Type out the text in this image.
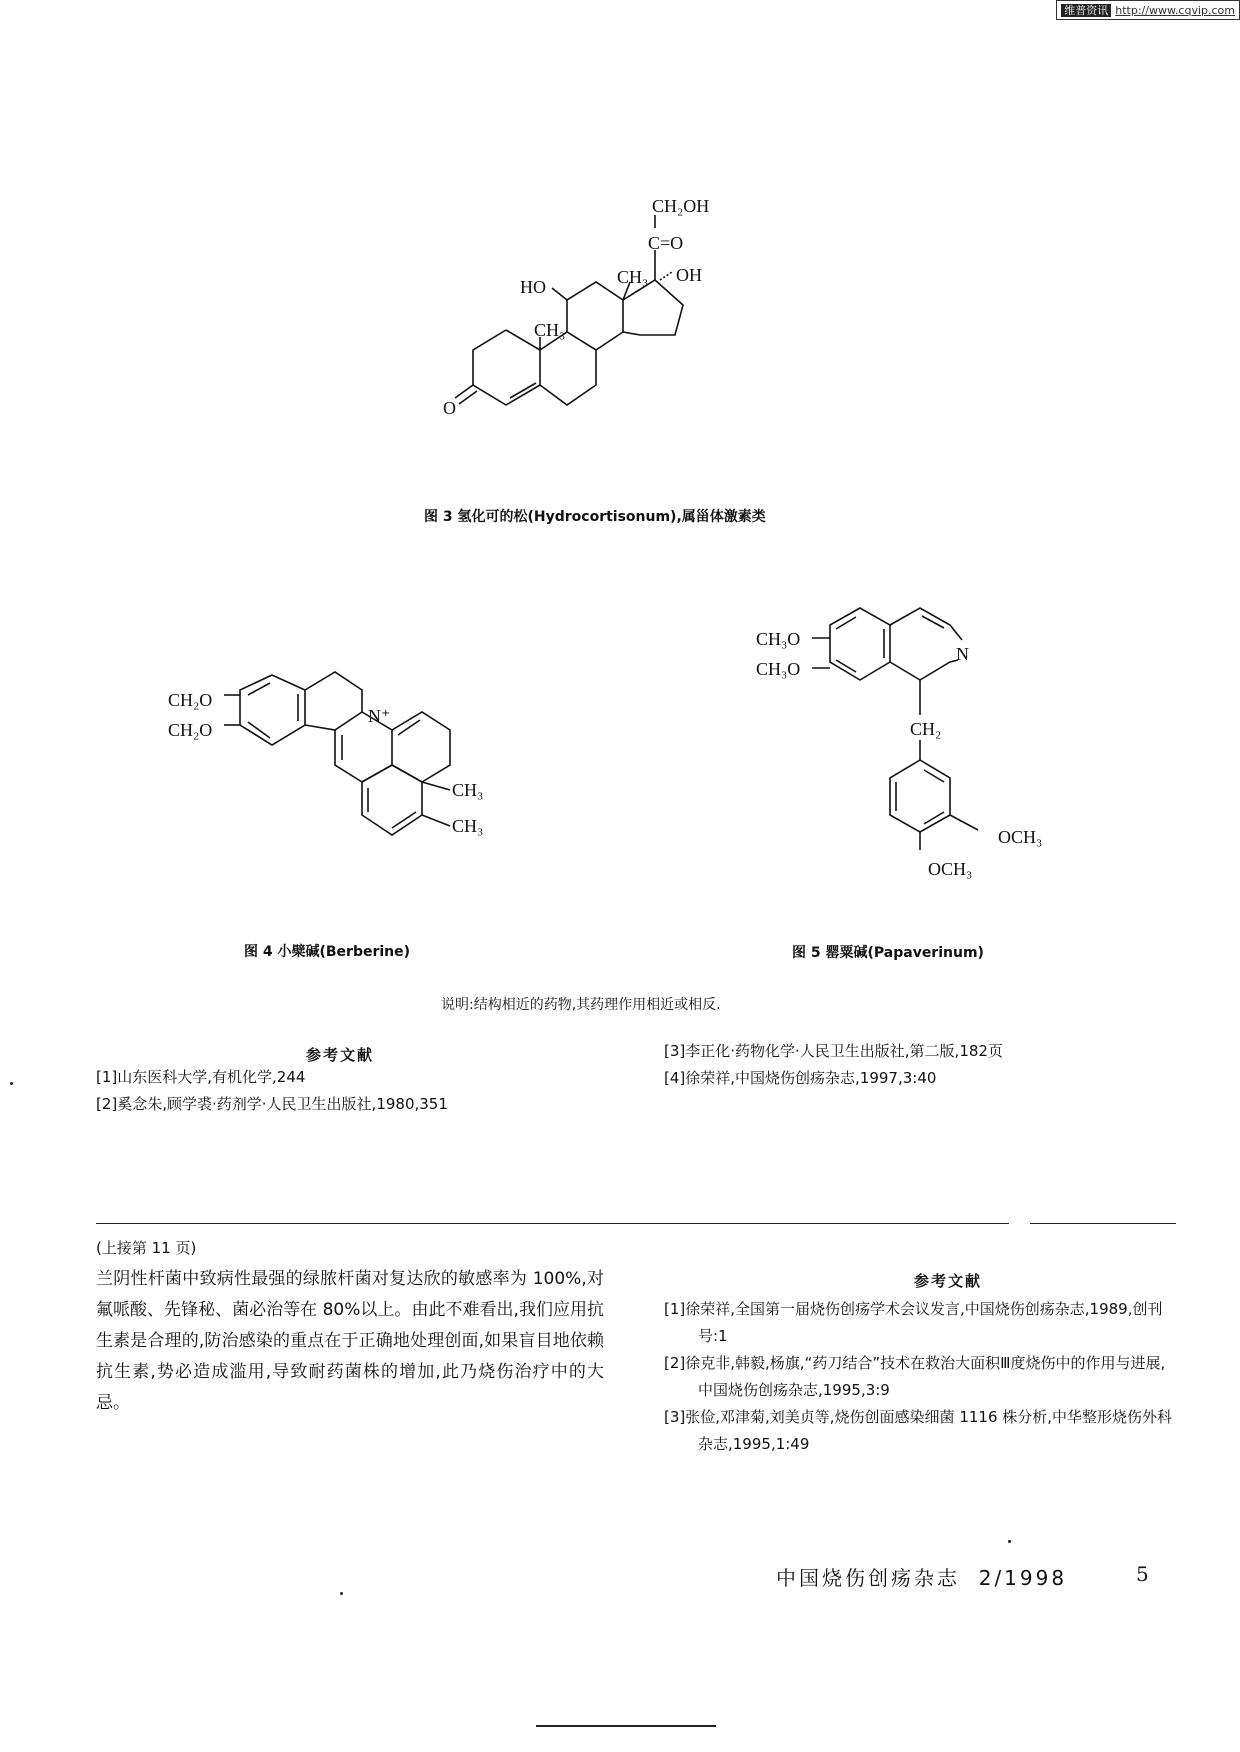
维普资讯 http://www.cqvip.com
CH₂OH
C=O
CH₃ OH
HO
CH₃
O
图 3 氢化可的松(Hydrocortisonum),属甾体激素类
CH₂O
CH₂O
N⁺
CH₃
CH₃
图 4 小檗碱(Berberine)
CH₃O
CH₃O
N
CH₂
OCH₃
OCH₃
图 5 罂粟碱(Papaverinum)
说明:结构相近的药物,其药理作用相近或相反.
参考文献
[1]山东医科大学,有机化学,244
[2]奚念朱,顾学裘·药剂学·人民卫生出版社,1980,351
[3]李正化·药物化学·人民卫生出版社,第二版,182页
[4]徐荣祥,中国烧伤创疡杂志,1997,3:40
(上接第 11 页)
兰阴性杆菌中致病性最强的绿脓杆菌对复达欣的敏感率为 100%,对氟哌酸、先锋秘、菌必治等在 80%以上。由此不难看出,我们应用抗生素是合理的,防治感染的重点在于正确地处理创面,如果盲目地依赖抗生素,势必造成滥用,导致耐药菌株的增加,此乃烧伤治疗中的大忌。
参考文献
[1]徐荣祥,全国第一届烧伤创疡学术会议发言,中国烧伤创疡杂志,1989,创刊号:1
[2]徐克非,韩毅,杨旗,“药刀结合”技术在救治大面积Ⅲ度烧伤中的作用与进展,中国烧伤创疡杂志,1995,3:9
[3]张俭,邓津菊,刘美贞等,烧伤创面感染细菌 1116 株分析,中华整形烧伤外科杂志,1995,1:49
中国烧伤创疡杂志 2/1998	5
